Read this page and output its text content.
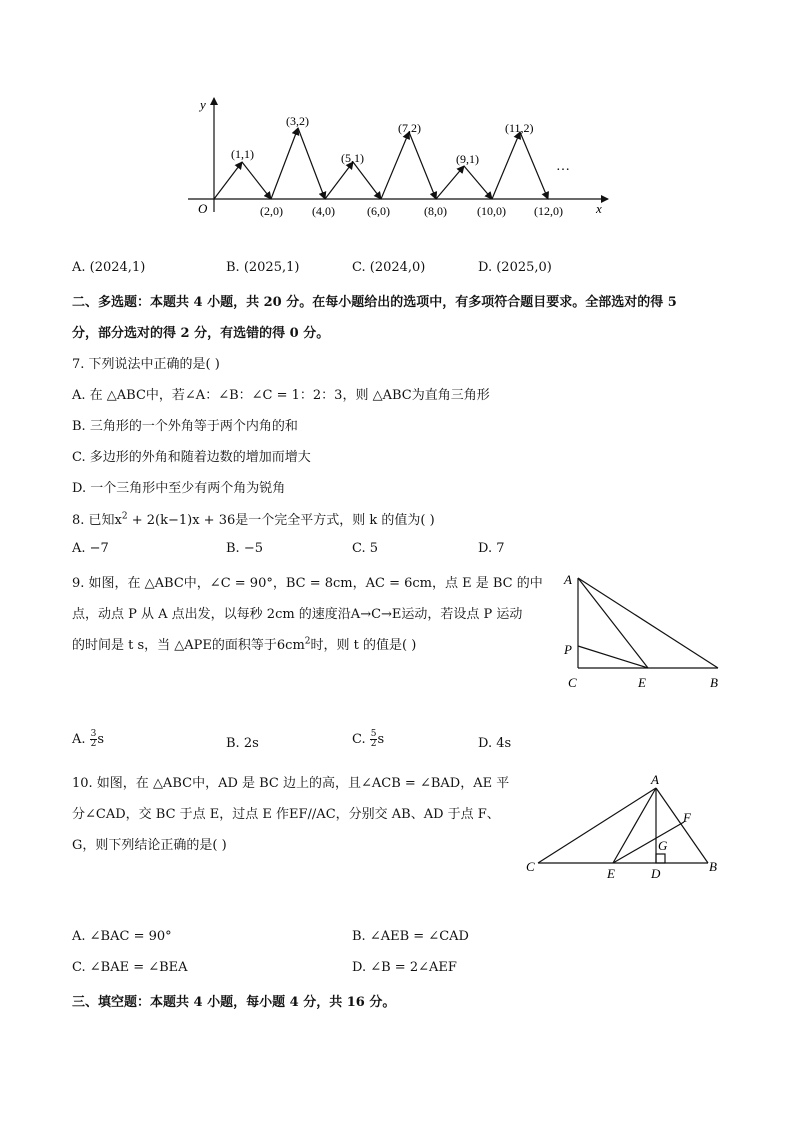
y
x
O
(1,1)
(3,2)
(5,1)
(7,2)
(9,1)
(11,2)
(2,0) (4,0)	(6,0)	(8,0)	(10,0) (12,0)
…
A. (2024,1)	B. (2025,1)	C. (2024,0)	D. (2025,0)
二、多选题：本题共 4 小题，共 20 分。在每小题给出的选项中，有多项符合题目要求。全部选对的得 5
分，部分选对的得 2 分，有选错的得 0 分。
7. 下列说法中正确的是( )
A. 在 △ABC中，若∠A：∠B：∠C = 1：2：3，则 △ABC为直角三角形
B. 三角形的一个外角等于两个内角的和
C. 多边形的外角和随着边数的增加而增大
D. 一个三角形中至少有两个角为锐角
8. 已知$x^2 + 2(k-1)x + 36$是一个完全平方式，则 k 的值为( )
A. −7	B. −5	C. 5	D. 7
9. 如图，在 △ABC中，∠C = 90°，BC = 8cm，AC = 6cm，点 E 是 BC 的中
点，动点 P 从 A 点出发，以每秒 2cm 的速度沿A→C→E运动，若设点 P 运动
的时间是 t s，当 △APE的面积等于$6cm^2$时，则 t 的值是( )
A
P
C	E	B
A. $\frac{3}{2}$ s	B. 2s	C. $\frac{5}{2}$ s	D. 4s
10. 如图，在 △ABC中，AD 是 BC 边上的高，且∠ACB = ∠BAD，AE 平
分∠CAD，交 BC 于点 E，过点 E 作EF//AC，分别交 AB、AD 于点 F、
G，则下列结论正确的是( )
A
F
G
C	E	D	B
A. ∠BAC = 90°	B. ∠AEB = ∠CAD
C. ∠BAE = ∠BEA	D. ∠B = 2∠AEF
三、填空题：本题共 4 小题，每小题 4 分，共 16 分。
